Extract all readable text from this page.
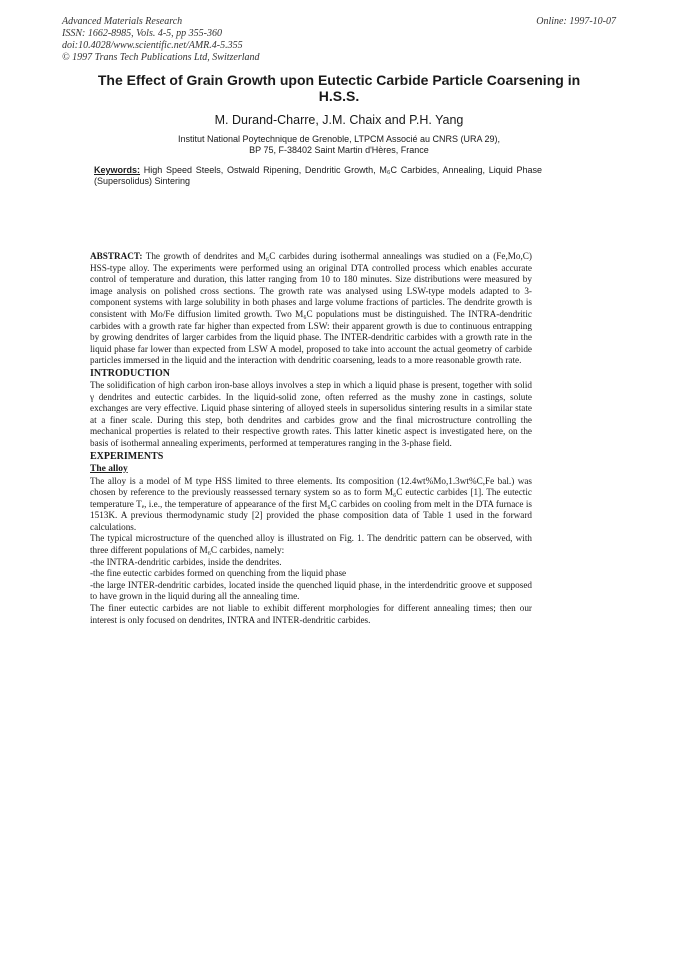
Advanced Materials Research
ISSN: 1662-8985, Vols. 4-5, pp 355-360
doi:10.4028/www.scientific.net/AMR.4-5.355
© 1997 Trans Tech Publications Ltd, Switzerland
Online: 1997-10-07
The Effect of Grain Growth upon Eutectic Carbide Particle Coarsening in H.S.S.

M. Durand-Charre, J.M. Chaix and P.H. Yang

Institut National Poytechnique de Grenoble, LTPCM Associé au CNRS (URA 29),
BP 75, F-38402 Saint Martin d'Hères, France
Keywords: High Speed Steels, Ostwald Ripening, Dendritic Growth, M₆C Carbides, Annealing, Liquid Phase (Supersolidus) Sintering

ABSTRACT: The growth of dendrites and M₆C carbides during isothermal annealings was studied on a (Fe,Mo,C) HSS-type alloy. The experiments were performed using an original DTA controlled process which enables accurate control of temperature and duration, this latter ranging from 10 to 180 minutes. Size distributions were measured by image analysis on polished cross sections. The growth rate was analysed using LSW-type models adapted to 3-component systems with large solubility in both phases and large volume fractions of particles. The dendrite growth is consistent with Mo/Fe diffusion limited growth. Two M₆C populations must be distinguished. The INTRA-dendritic carbides with a growth rate far higher than expected from LSW: their apparent growth is due to continuous entrapping by growing dendrites of larger carbides from the liquid phase. The INTER-dendritic carbides with a growth rate in the liquid phase far lower than expected from LSW A model, proposed to take into account the actual geometry of carbide particles immersed in the liquid and the interaction with dendritic coarsening, leads to a more reasonable growth rate.

INTRODUCTION

The solidification of high carbon iron-base alloys involves a step in which a liquid phase is present, together with solid γ dendrites and eutectic carbides. In the liquid-solid zone, often referred as the mushy zone in castings, solute exchanges are very effective. Liquid phase sintering of alloyed steels in supersolidus sintering results in a similar state at a finer scale. During this step, both dendrites and carbides grow and the final microstructure controlling the mechanical properties is related to their respective growth rates. This latter kinetic aspect is investigated here, on the basis of isothermal annealing experiments, performed at temperatures ranging in the 3-phase field.

EXPERIMENTS
The alloy

The alloy is a model of M type HSS limited to three elements. Its composition (12.4wt%Mo,1.3wt%C,Fe bal.) was chosen by reference to the previously reassessed ternary system so as to form M₆C eutectic carbides [1]. The eutectic temperature Tₑ, i.e., the temperature of appearance of the first M₆C carbides on cooling from melt in the DTA furnace is 1513K. A previous thermodynamic study [2] provided the phase composition data of Table 1 used in the forward calculations.

The typical microstructure of the quenched alloy is illustrated on Fig. 1. The dendritic pattern can be observed, with three different populations of M₆C carbides, namely:

-the INTRA-dendritic carbides, inside the dendrites.

-the fine eutectic carbides formed on quenching from the liquid phase

-the large INTER-dendritic carbides, located inside the quenched liquid phase, in the interdendritic groove et supposed to have grown in the liquid during all the annealing time.

The finer eutectic carbides are not liable to exhibit different morphologies for different annealing times; then our interest is only focused on dendrites, INTRA and INTER-dendritic carbides.
